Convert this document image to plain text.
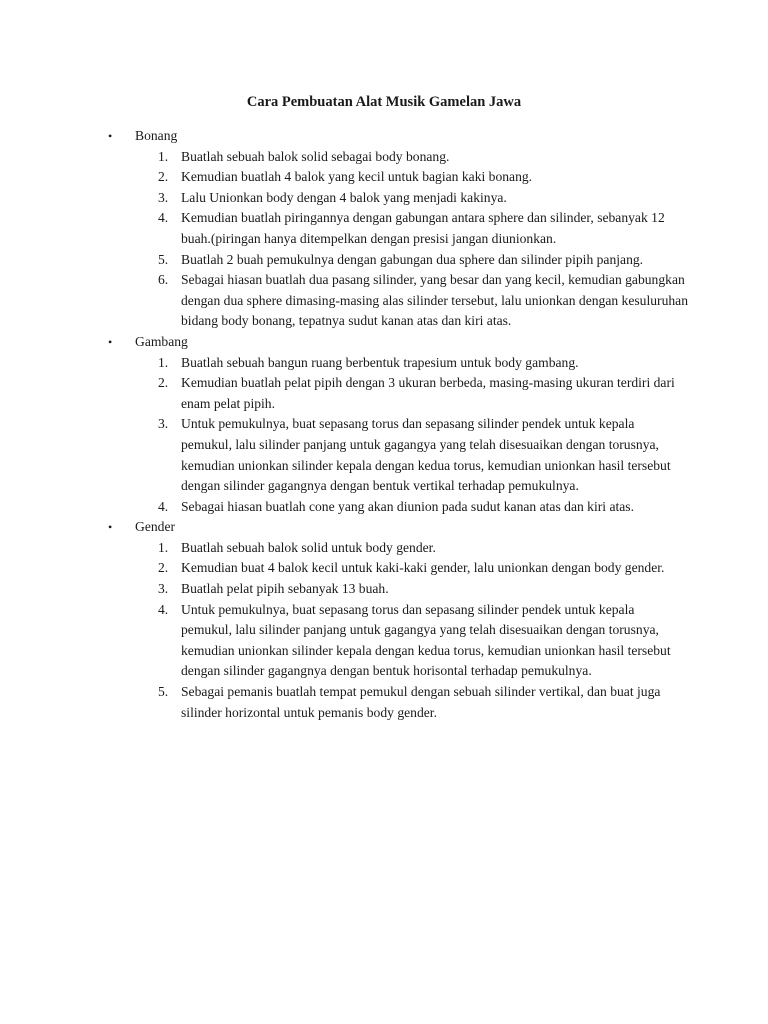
Cara Pembuatan Alat Musik Gamelan Jawa
•	Bonang
1. Buatlah sebuah balok solid sebagai body bonang.
2. Kemudian buatlah 4 balok yang kecil untuk bagian kaki bonang.
3. Lalu Unionkan body dengan 4 balok yang menjadi kakinya.
4. Kemudian buatlah piringannya dengan gabungan antara sphere dan silinder, sebanyak 12 buah.(piringan hanya ditempelkan dengan presisi jangan diunionkan.
5. Buatlah 2 buah pemukulnya dengan gabungan dua sphere dan silinder pipih panjang.
6. Sebagai hiasan buatlah dua pasang silinder, yang besar dan yang kecil, kemudian gabungkan dengan dua sphere dimasing-masing alas silinder tersebut, lalu unionkan dengan kesuluruhan bidang body bonang, tepatnya sudut kanan atas dan kiri atas.
•	Gambang
1. Buatlah sebuah bangun ruang berbentuk trapesium untuk body gambang.
2. Kemudian buatlah pelat pipih dengan 3 ukuran berbeda, masing-masing ukuran terdiri dari enam pelat pipih.
3. Untuk pemukulnya, buat sepasang torus dan sepasang silinder pendek untuk kepala pemukul, lalu silinder panjang untuk gagangya yang telah disesuaikan dengan torusnya, kemudian unionkan silinder kepala dengan kedua torus, kemudian unionkan hasil tersebut dengan silinder gagangnya dengan bentuk vertikal terhadap pemukulnya.
4. Sebagai hiasan buatlah cone yang akan diunion pada sudut kanan atas dan kiri atas.
•	Gender
1. Buatlah sebuah balok solid untuk body gender.
2. Kemudian buat 4 balok kecil untuk kaki-kaki gender, lalu unionkan dengan body gender.
3. Buatlah pelat pipih sebanyak 13 buah.
4. Untuk pemukulnya, buat sepasang torus dan sepasang silinder pendek untuk kepala pemukul, lalu silinder panjang untuk gagangya yang telah disesuaikan dengan torusnya, kemudian unionkan silinder kepala dengan kedua torus, kemudian unionkan hasil tersebut dengan silinder gagangnya dengan bentuk horisontal terhadap pemukulnya.
5. Sebagai pemanis buatlah tempat pemukul dengan sebuah silinder vertikal, dan buat juga silinder horizontal untuk pemanis body gender.
